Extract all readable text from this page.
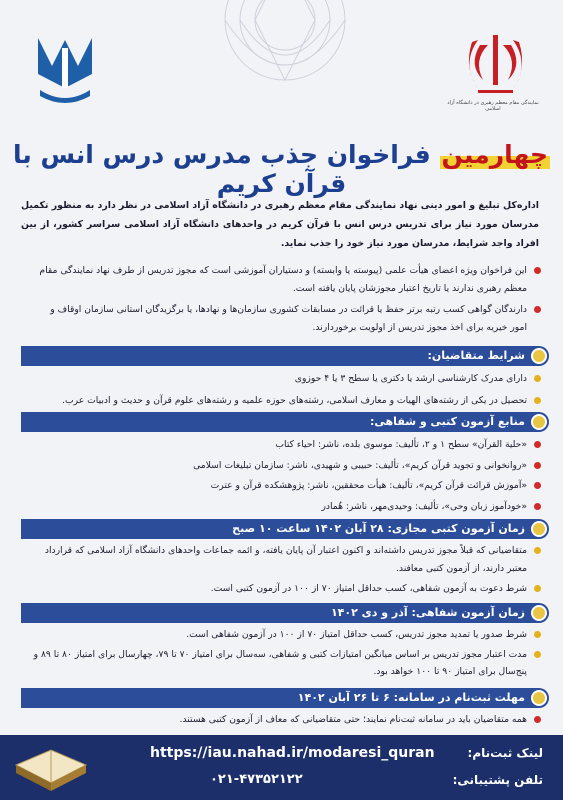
نمایندگی مقام معظم رهبری در دانشگاه آزاد اسلامی
چهارمین فراخوان جذب مدرس درس انس با قرآن کریم
اداره‌کل تبلیغ و امور دینی نهاد نمایندگی مقام معظم رهبری در دانشگاه آزاد اسلامی در نظر دارد به منظور تکمیل مدرسان مورد نیاز برای تدریس درس انس با قرآن کریم در واحدهای دانشگاه آزاد اسلامی سراسر کشور، از بین افراد واجد شرایط، مدرسان مورد نیاز خود را جذب نماید.
این فراخوان ویژه اعضای هیأت علمی (پیوسته یا وابسته) و دستیاران آموزشی است که مجوز تدریس از طرف نهاد نمایندگی مقام معظم رهبری ندارند یا تاریخ اعتبار مجوزشان پایان یافته است.
دارندگان گواهی کسب رتبه برتر حفظ یا قرائت در مسابقات کشوری سازمان‌ها و نهادها، یا برگزیدگان استانی سازمان اوقاف و امور خیریه برای اخذ مجوز تدریس از اولویت برخوردارند.
شرایط متقاضیان:
دارای مدرک کارشناسی ارشد یا دکتری یا سطح ۳ یا ۴ حوزوی
تحصیل در یکی از رشته‌های الهیات و معارف اسلامی، رشته‌های حوزه علمیه و رشته‌های علوم قرآن و حدیث و ادبیات عرب.
منابع آزمون کتبی و شفاهی:
«حلیة القرآن» سطح ۱ و ۲، تألیف: موسوی بلده، ناشر: احیاء کتاب
«روانخوانی و تجوید قرآن کریم»، تألیف: حبیبی و شهیدی، ناشر: سازمان تبلیغات اسلامی
«آموزش قرائت قرآن کریم»، تألیف: هیأت محققین، ناشر: پژوهشکده قرآن و عترت
«خودآموز زبان وحی»، تألیف: وحیدی‌مهر، ناشر: هُمادر
زمان آزمون کتبی مجازی: ۲۸ آبان ۱۴۰۲ ساعت ۱۰ صبح
متقاضیانی که قبلاً مجوز تدریس داشته‌اند و اکنون اعتبار آن پایان یافته، و ائمه جماعات واحدهای دانشگاه آزاد اسلامی که قرارداد معتبر دارند، از آزمون کتبی معافند.
شرط دعوت به آزمون شفاهی، کسب حداقل امتیاز ۷۰ از ۱۰۰ در آزمون کتبی است.
زمان آزمون شفاهی: آذر و دی ۱۴۰۲
شرط صدور یا تمدید مجوز تدریس، کسب حداقل امتیاز ۷۰ از ۱۰۰ در آزمون شفاهی است.
مدت اعتبار مجوز تدریس بر اساس میانگین امتیازات کتبی و شفاهی، سه‌سال برای امتیاز ۷۰ تا ۷۹، چهارسال برای امتیاز ۸۰ تا ۸۹ و پنج‌سال برای امتیاز ۹۰ تا ۱۰۰ خواهد بود.
مهلت ثبت‌نام در سامانه: ۶ تا ۲۶ آبان ۱۴۰۲
همه متقاضیان باید در سامانه ثبت‌نام نمایند؛ حتی متقاضیانی که معاف از آزمون کتبی هستند.
لینک ثبت‌نام:
https://iau.nahad.ir/modaresi_quran
تلفن پشتیبانی:
۰۲۱-۴۷۳۵۲۱۲۲
